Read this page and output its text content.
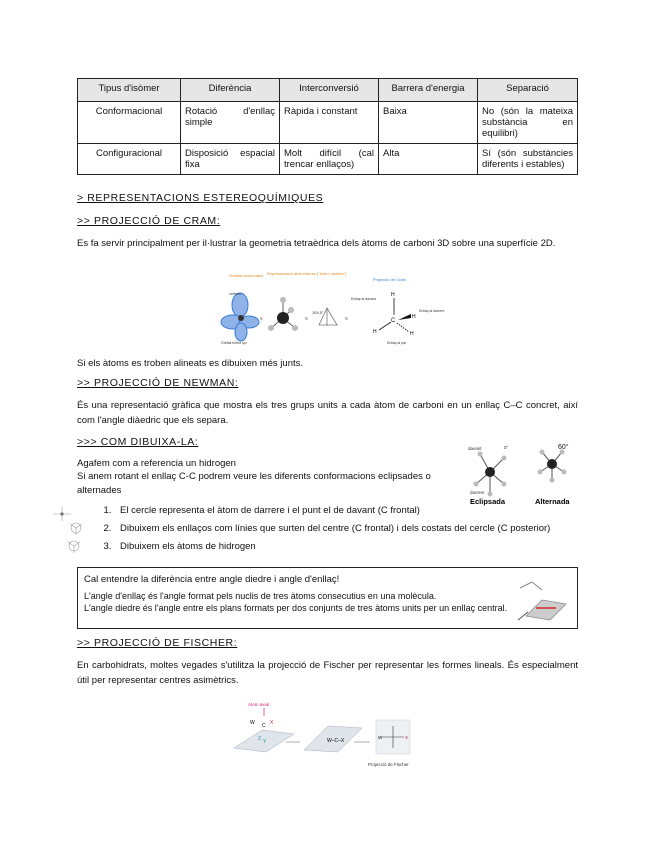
Tipus d'isòmer	Diferència	Interconversió	Barrera d'energia	Separació
Conformacional	Rotació d'enllaç simple	Ràpida i constant	Baixa	No (són la mateixa substància en equilibri)
Configuracional	Disposició espacial fixa	Molt difícil (cal trencar enllaços)	Alta	Sí (són substàncies diferents i estables)
> REPRESENTACIONS ESTEREOQUÍMIQUES
>> PROJECCIÓ DE CRAM:
Es fa servir principalment per il·lustrar la geometria tetraèdrica dels àtoms de carboni 3D sobre una superfície 2D.
Orbitals moleculars
carboni
Orbital híbrid sp³
Representació amb esferes ("bola i varetes")
≡	≡
109,5°
≡
Projecció de Cram
C
H
H
H
H
Enllaç al davant
Enllaç al darrere
Enllaç al pla
Si els àtoms es troben alineats es dibuixen més junts.
>> PROJECCIÓ DE NEWMAN:
És una representació gràfica que mostra els tres grups units a cada àtom de carboni en un enllaç C–C concret, així com l'angle diàedric que els separa.
>>> COM DIBUIXA-LA:
Agafem com a referencia un hidrogen
Si anem rotant el enllaç C-C podrem veure les diferents conformacions eclipsades o alternades
davant	0°
darrere
Eclipsada
60°
Alternada
1. El cercle representa el àtom de darrere i el punt el de davant (C frontal)
2. Dibuixem els enllaços com línies que surten del centre (C frontal) i dels costats del cercle (C posterior)
3. Dibuixem els àtoms de hidrogen
Cal entendre la diferència entre angle diedre i angle d'enllaç!
L'angle d'enllaç és l'angle format pels nuclis de tres àtoms consecutius en una molècula.
L'angle diedre és l'angle entre els plans formats per dos conjunts de tres àtoms units per un enllaç central.
>> PROJECCIÓ DE FISCHER:
En carbohidrats, moltes vegades s'utilitza la projecció de Fischer per representar les formes lineals. És especialment útil per representar centres asimètrics.
Àtom axial
C
W	X
Y
Z	W–C–X
W	X
Projecció de Fischer
